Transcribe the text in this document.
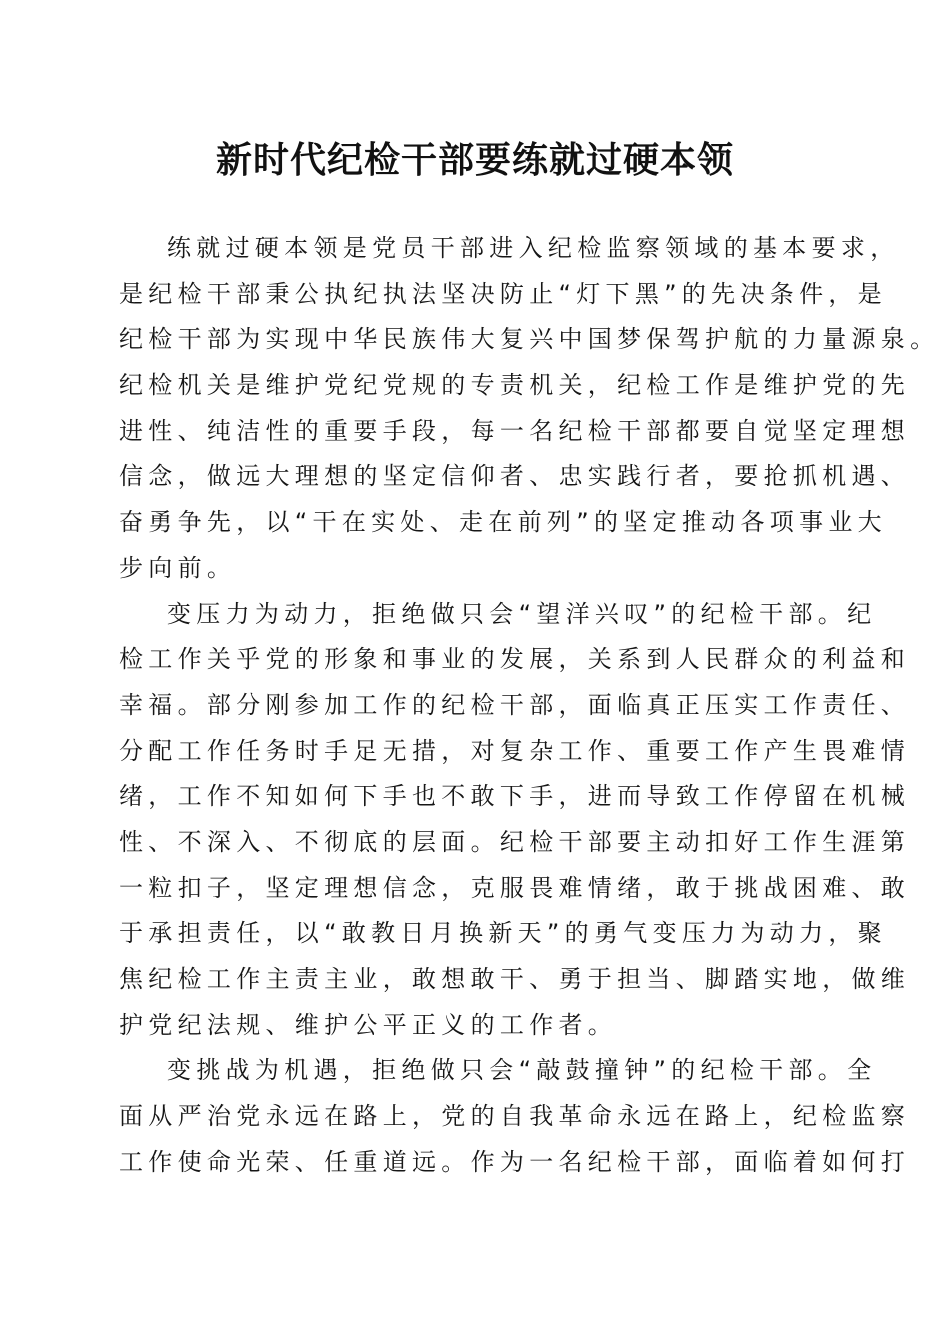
新时代纪检干部要练就过硬本领
练就过硬本领是党员干部进入纪检监察领域的基本要求，
是纪检干部秉公执纪执法坚决防止“灯下黑”的先决条件，是
纪检干部为实现中华民族伟大复兴中国梦保驾护航的力量源泉。
纪检机关是维护党纪党规的专责机关，纪检工作是维护党的先
进性、纯洁性的重要手段，每一名纪检干部都要自觉坚定理想
信念，做远大理想的坚定信仰者、忠实践行者，要抢抓机遇、
奋勇争先，以“干在实处、走在前列”的坚定推动各项事业大
步向前。
变压力为动力，拒绝做只会“望洋兴叹”的纪检干部。纪
检工作关乎党的形象和事业的发展，关系到人民群众的利益和
幸福。部分刚参加工作的纪检干部，面临真正压实工作责任、
分配工作任务时手足无措，对复杂工作、重要工作产生畏难情
绪，工作不知如何下手也不敢下手，进而导致工作停留在机械
性、不深入、不彻底的层面。纪检干部要主动扣好工作生涯第
一粒扣子，坚定理想信念，克服畏难情绪，敢于挑战困难、敢
于承担责任，以“敢教日月换新天”的勇气变压力为动力，聚
焦纪检工作主责主业，敢想敢干、勇于担当、脚踏实地，做维
护党纪法规、维护公平正义的工作者。
变挑战为机遇，拒绝做只会“敲鼓撞钟”的纪检干部。全
面从严治党永远在路上，党的自我革命永远在路上，纪检监察
工作使命光荣、任重道远。作为一名纪检干部，面临着如何打
